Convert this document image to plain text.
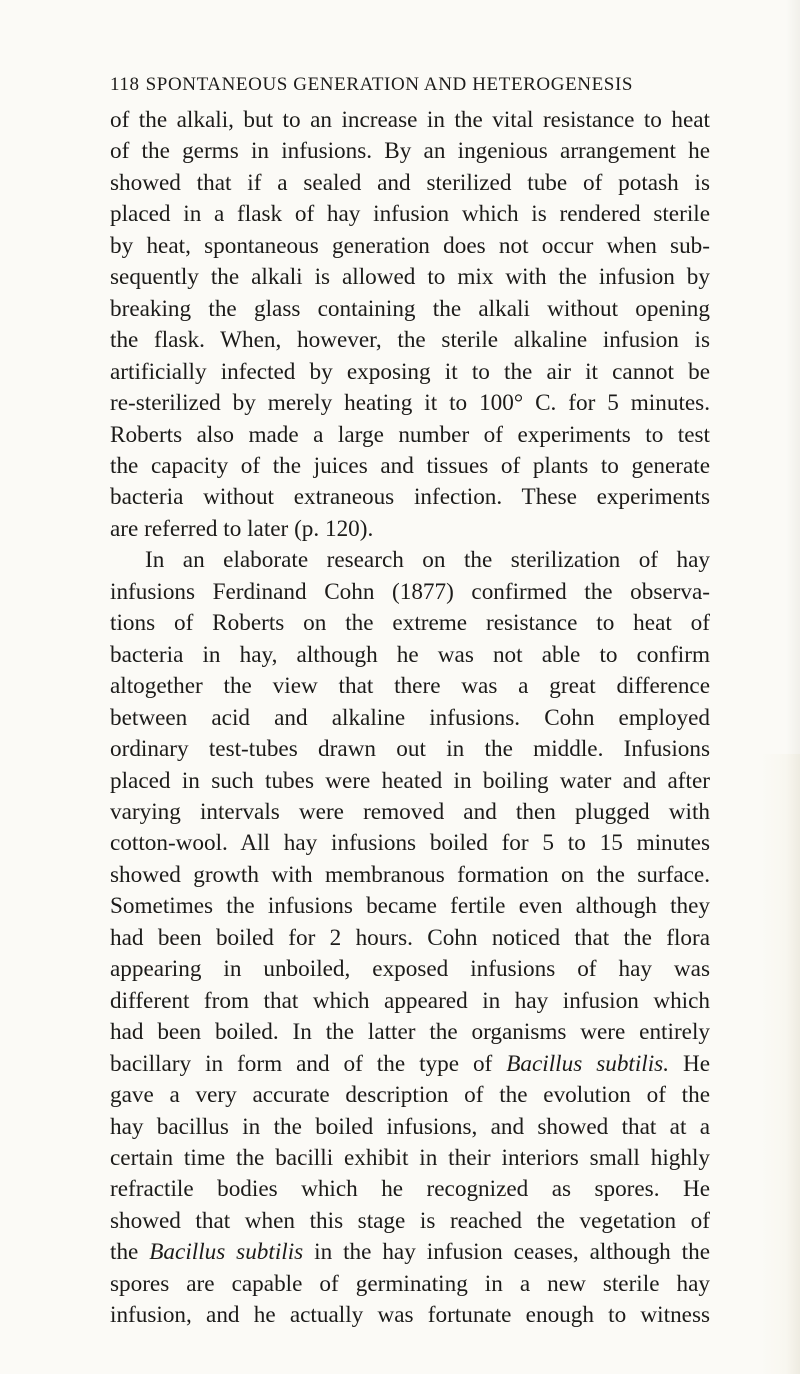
118 SPONTANEOUS GENERATION AND HETEROGENESIS
of the alkali, but to an increase in the vital resistance to heat
of the germs in infusions. By an ingenious arrangement he
showed that if a sealed and sterilized tube of potash is
placed in a flask of hay infusion which is rendered sterile
by heat, spontaneous generation does not occur when sub-
sequently the alkali is allowed to mix with the infusion by
breaking the glass containing the alkali without opening
the flask. When, however, the sterile alkaline infusion is
artificially infected by exposing it to the air it cannot be
re-sterilized by merely heating it to 100° C. for 5 minutes.
Roberts also made a large number of experiments to test
the capacity of the juices and tissues of plants to generate
bacteria without extraneous infection. These experiments
are referred to later (p. 120).
In an elaborate research on the sterilization of hay
infusions Ferdinand Cohn (1877) confirmed the observa-
tions of Roberts on the extreme resistance to heat of
bacteria in hay, although he was not able to confirm
altogether the view that there was a great difference
between acid and alkaline infusions. Cohn employed
ordinary test-tubes drawn out in the middle. Infusions
placed in such tubes were heated in boiling water and after
varying intervals were removed and then plugged with
cotton-wool. All hay infusions boiled for 5 to 15 minutes
showed growth with membranous formation on the surface.
Sometimes the infusions became fertile even although they
had been boiled for 2 hours. Cohn noticed that the flora
appearing in unboiled, exposed infusions of hay was
different from that which appeared in hay infusion which
had been boiled. In the latter the organisms were entirely
bacillary in form and of the type of Bacillus subtilis. He
gave a very accurate description of the evolution of the
hay bacillus in the boiled infusions, and showed that at a
certain time the bacilli exhibit in their interiors small highly
refractile bodies which he recognized as spores. He
showed that when this stage is reached the vegetation of
the Bacillus subtilis in the hay infusion ceases, although the
spores are capable of germinating in a new sterile hay
infusion, and he actually was fortunate enough to witness
